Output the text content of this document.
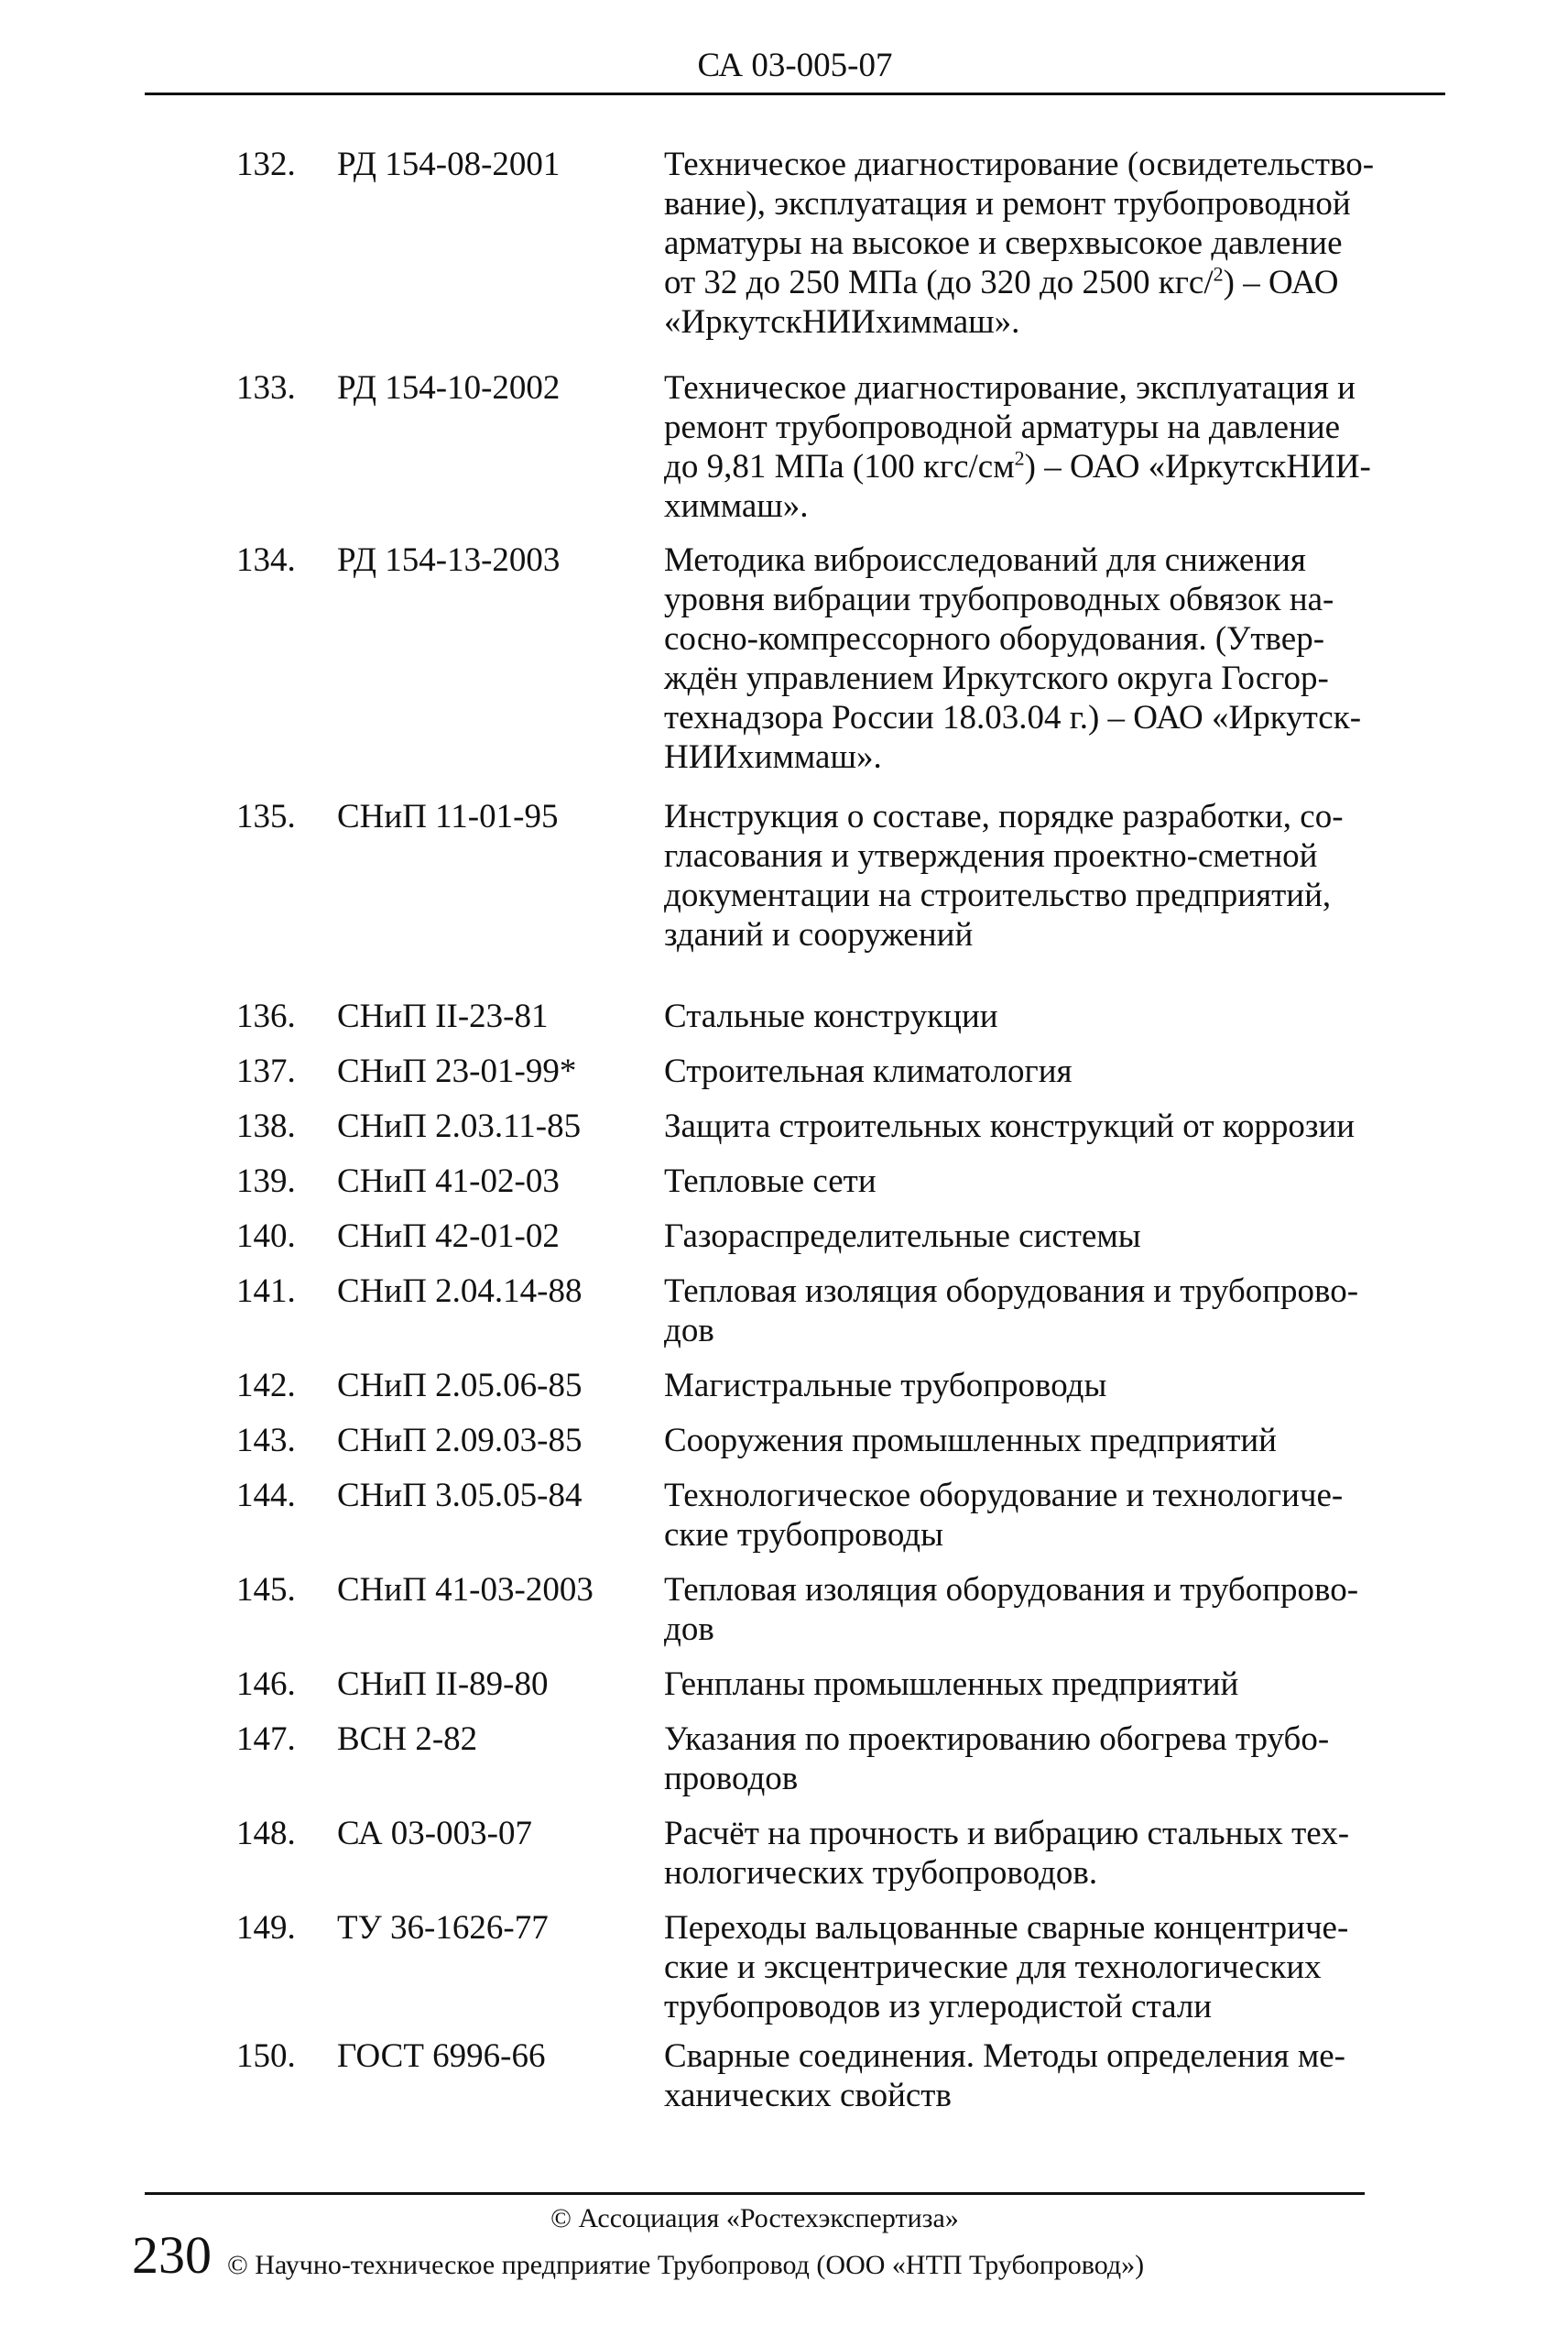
СА 03-005-07
132. РД 154-08-2001	Техническое диагностирование (освидетельство-
вание), эксплуатация и ремонт трубопроводной
арматуры на высокое и сверхвысокое давление
от 32 до 250 МПа (до 320 до 2500 кгс/$^2$) – ОАО
«ИркутскНИИхиммаш».
133. РД 154-10-2002	Техническое диагностирование, эксплуатация и
ремонт трубопроводной арматуры на давление
до 9,81 МПа (100 кгс/$см^2$) – ОАО «ИркутскНИИ-
химмаш».
134. РД 154-13-2003	Методика виброисследований для снижения
уровня вибрации трубопроводных обвязок на-
сосно-компрессорного оборудования. (Утвер-
ждён управлением Иркутского округа Госгор-
технадзора России 18.03.04 г.) – ОАО «Иркутск-
НИИхиммаш».
135. СНиП 11-01-95	Инструкция о составе, порядке разработки, со-
гласования и утверждения проектно-сметной
документации на строительство предприятий,
зданий и сооружений
136. СНиП II-23-81	Стальные конструкции
137. СНиП 23-01-99*	Строительная климатология
138. СНиП 2.03.11-85 Защита строительных конструкций от коррозии
139. СНиП 41-02-03	Тепловые сети
140. СНиП 42-01-02	Газораспределительные системы
141. СНиП 2.04.14-88 Тепловая изоляция оборудования и трубопрово-
дов
142. СНиП 2.05.06-85 Магистральные трубопроводы
143. СНиП 2.09.03-85 Сооружения промышленных предприятий
144. СНиП 3.05.05-84 Технологическое оборудование и технологиче-
ские трубопроводы
145. СНиП 41-03-2003 Тепловая изоляция оборудования и трубопрово-
дов
146. СНиП II-89-80	Генпланы промышленных предприятий
147. ВСН 2-82	Указания по проектированию обогрева трубо-
проводов
148. СА 03-003-07	Расчёт на прочность и вибрацию стальных тех-
нологических трубопроводов.
149. ТУ 36-1626-77	Переходы вальцованные сварные концентриче-
ские и эксцентрические для технологических
трубопроводов из углеродистой стали
150. ГОСТ 6996-66	Сварные соединения. Методы определения ме-
ханических свойств
© Ассоциация «Ростехэкспертиза»
230 © Научно-техническое предприятие Трубопровод (ООО «НТП Трубопровод»)
